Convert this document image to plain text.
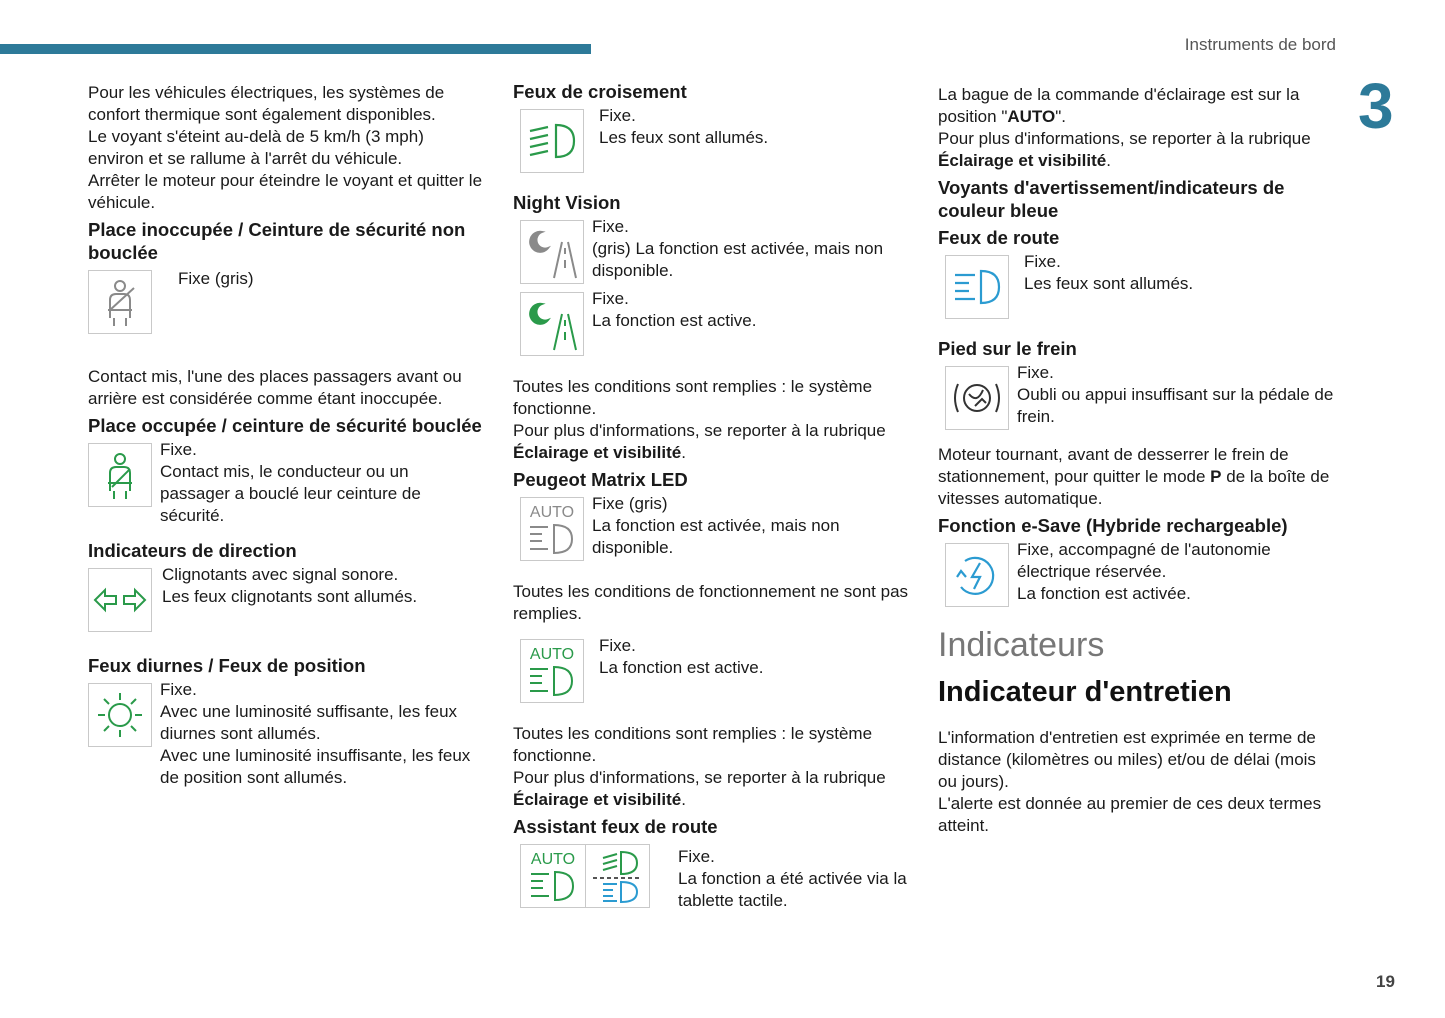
Instruments de bord
3
19

Pour les véhicules électriques, les systèmes de confort thermique sont également disponibles.

Le voyant s'éteint au-delà de 5 km/h (3 mph) environ et se rallume à l'arrêt du véhicule.

Arrêter le moteur pour éteindre le voyant et quitter le véhicule.

Place inoccupée / Ceinture de sécurité non bouclée
Fixe (gris)

Contact mis, l'une des places passagers avant ou arrière est considérée comme étant inoccupée.

Place occupée / ceinture de sécurité bouclée

Fixe.

Contact mis, le conducteur ou un passager a bouclé leur ceinture de sécurité.

Indicateurs de direction

Clignotants avec signal sonore.

Les feux clignotants sont allumés.

Feux diurnes / Feux de position

Fixe.

Avec une luminosité suffisante, les feux diurnes sont allumés.

Avec une luminosité insuffisante, les feux de position sont allumés.

Feux de croisement

Fixe.

Les feux sont allumés.

Night Vision

Fixe.

(gris) La fonction est activée, mais non disponible.

Fixe.

La fonction est active.

Toutes les conditions sont remplies : le système fonctionne.

Pour plus d'informations, se reporter à la rubrique Éclairage et visibilité.

Peugeot Matrix LED
AUTO Fixe (gris)

La fonction est activée, mais non disponible.

Toutes les conditions de fonctionnement ne sont pas remplies.

AUTO Fixe.

La fonction est active.

Toutes les conditions sont remplies : le système fonctionne.

Pour plus d'informations, se reporter à la rubrique Éclairage et visibilité.

Assistant feux de route
AUTO	Fixe.

La fonction a été activée via la tablette tactile.

La bague de la commande d'éclairage est sur la position "AUTO".

Pour plus d'informations, se reporter à la rubrique Éclairage et visibilité.

Voyants d'avertissement/indicateurs de couleur bleue
Feux de route

Fixe.

Les feux sont allumés.

Pied sur le frein

Fixe.

Oubli ou appui insuffisant sur la pédale de frein.

Moteur tournant, avant de desserrer le frein de stationnement, pour quitter le mode P de la boîte de vitesses automatique.

Fonction e-Save (Hybride rechargeable)

Fixe, accompagné de l'autonomie électrique réservée.

La fonction est activée.

Indicateurs
Indicateur d'entretien

L'information d'entretien est exprimée en terme de distance (kilomètres ou miles) et/ou de délai (mois ou jours).

L'alerte est donnée au premier de ces deux termes atteint.
